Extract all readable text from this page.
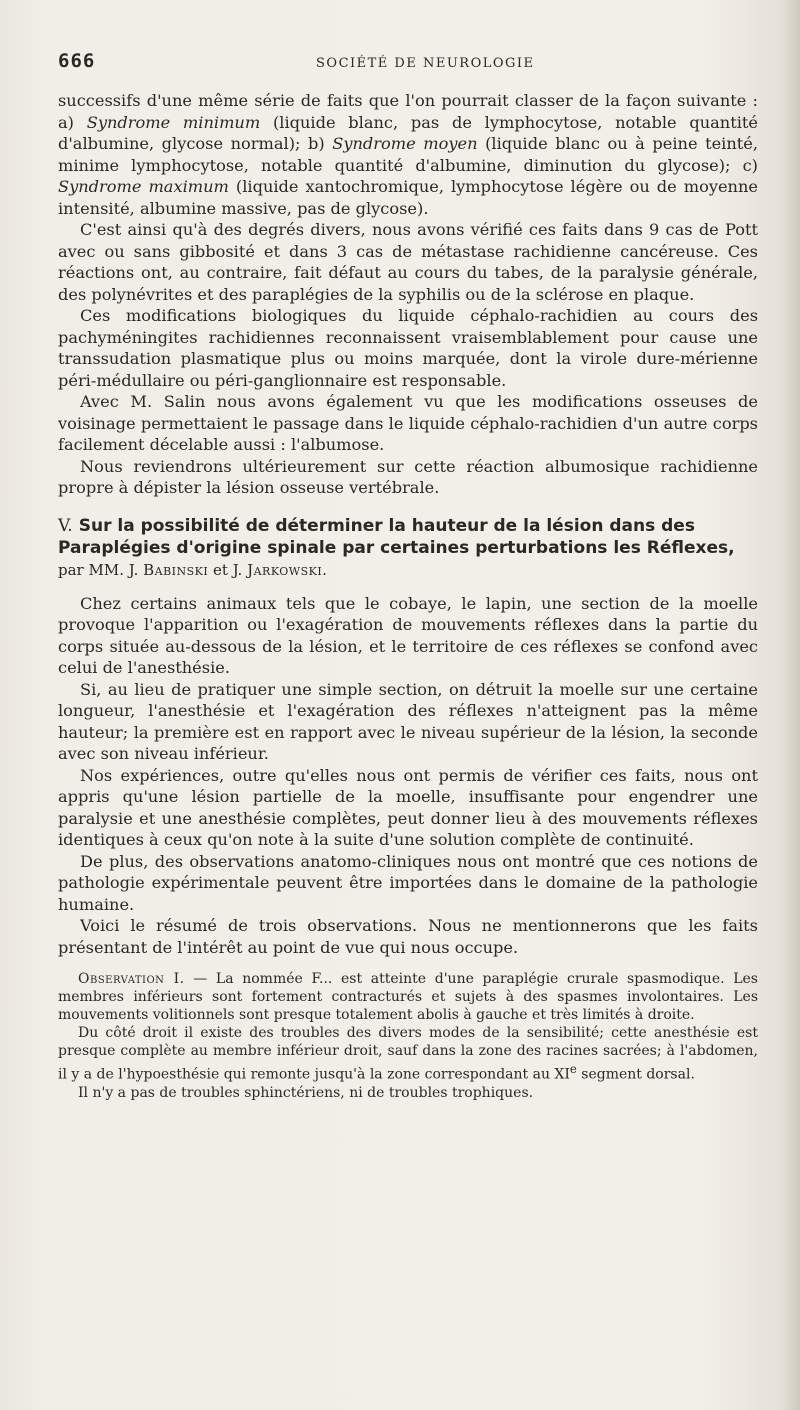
666	SOCIÉTÉ DE NEUROLOGIE

successifs d'une même série de faits que l'on pourrait classer de la façon suivante : a) Syndrome minimum (liquide blanc, pas de lymphocytose, notable quantité d'albumine, glycose normal); b) Syndrome moyen (liquide blanc ou à peine teinté, minime lymphocytose, notable quantité d'albumine, diminution du glycose); c) Syndrome maximum (liquide xantochromique, lymphocytose légère ou de moyenne intensité, albumine massive, pas de glycose).

C'est ainsi qu'à des degrés divers, nous avons vérifié ces faits dans 9 cas de Pott avec ou sans gibbosité et dans 3 cas de métastase rachidienne cancéreuse. Ces réactions ont, au contraire, fait défaut au cours du tabes, de la paralysie générale, des polynévrites et des paraplégies de la syphilis ou de la sclérose en plaque.

Ces modifications biologiques du liquide céphalo-rachidien au cours des pachyméningites rachidiennes reconnaissent vraisemblablement pour cause une transsudation plasmatique plus ou moins marquée, dont la virole dure-mérienne péri-médullaire ou péri-ganglionnaire est responsable.

Avec M. Salin nous avons également vu que les modifications osseuses de voisinage permettaient le passage dans le liquide céphalo-rachidien d'un autre corps facilement décelable aussi : l'albumose.

Nous reviendrons ultérieurement sur cette réaction albumosique rachidienne propre à dépister la lésion osseuse vertébrale.

V. Sur la possibilité de déterminer la hauteur de la lésion dans des Paraplégies d'origine spinale par certaines perturbations les Réflexes, par MM. J. Babinski et J. Jarkowski.

Chez certains animaux tels que le cobaye, le lapin, une section de la moelle provoque l'apparition ou l'exagération de mouvements réflexes dans la partie du corps située au-dessous de la lésion, et le territoire de ces réflexes se confond avec celui de l'anesthésie.

Si, au lieu de pratiquer une simple section, on détruit la moelle sur une certaine longueur, l'anesthésie et l'exagération des réflexes n'atteignent pas la même hauteur; la première est en rapport avec le niveau supérieur de la lésion, la seconde avec son niveau inférieur.

Nos expériences, outre qu'elles nous ont permis de vérifier ces faits, nous ont appris qu'une lésion partielle de la moelle, insuffisante pour engendrer une paralysie et une anesthésie complètes, peut donner lieu à des mouvements réflexes identiques à ceux qu'on note à la suite d'une solution complète de continuité.

De plus, des observations anatomo-cliniques nous ont montré que ces notions de pathologie expérimentale peuvent être importées dans le domaine de la pathologie humaine.

Voici le résumé de trois observations. Nous ne mentionnerons que les faits présentant de l'intérêt au point de vue qui nous occupe.

Observation I. — La nommée F... est atteinte d'une paraplégie crurale spasmodique. Les membres inférieurs sont fortement contracturés et sujets à des spasmes involontaires. Les mouvements volitionnels sont presque totalement abolis à gauche et très limités à droite.

Du côté droit il existe des troubles des divers modes de la sensibilité; cette anesthésie est presque complète au membre inférieur droit, sauf dans la zone des racines sacrées; à l'abdomen, il y a de l'hypoesthésie qui remonte jusqu'à la zone correspondant au XIe segment dorsal.

Il n'y a pas de troubles sphinctériens, ni de troubles trophiques.
